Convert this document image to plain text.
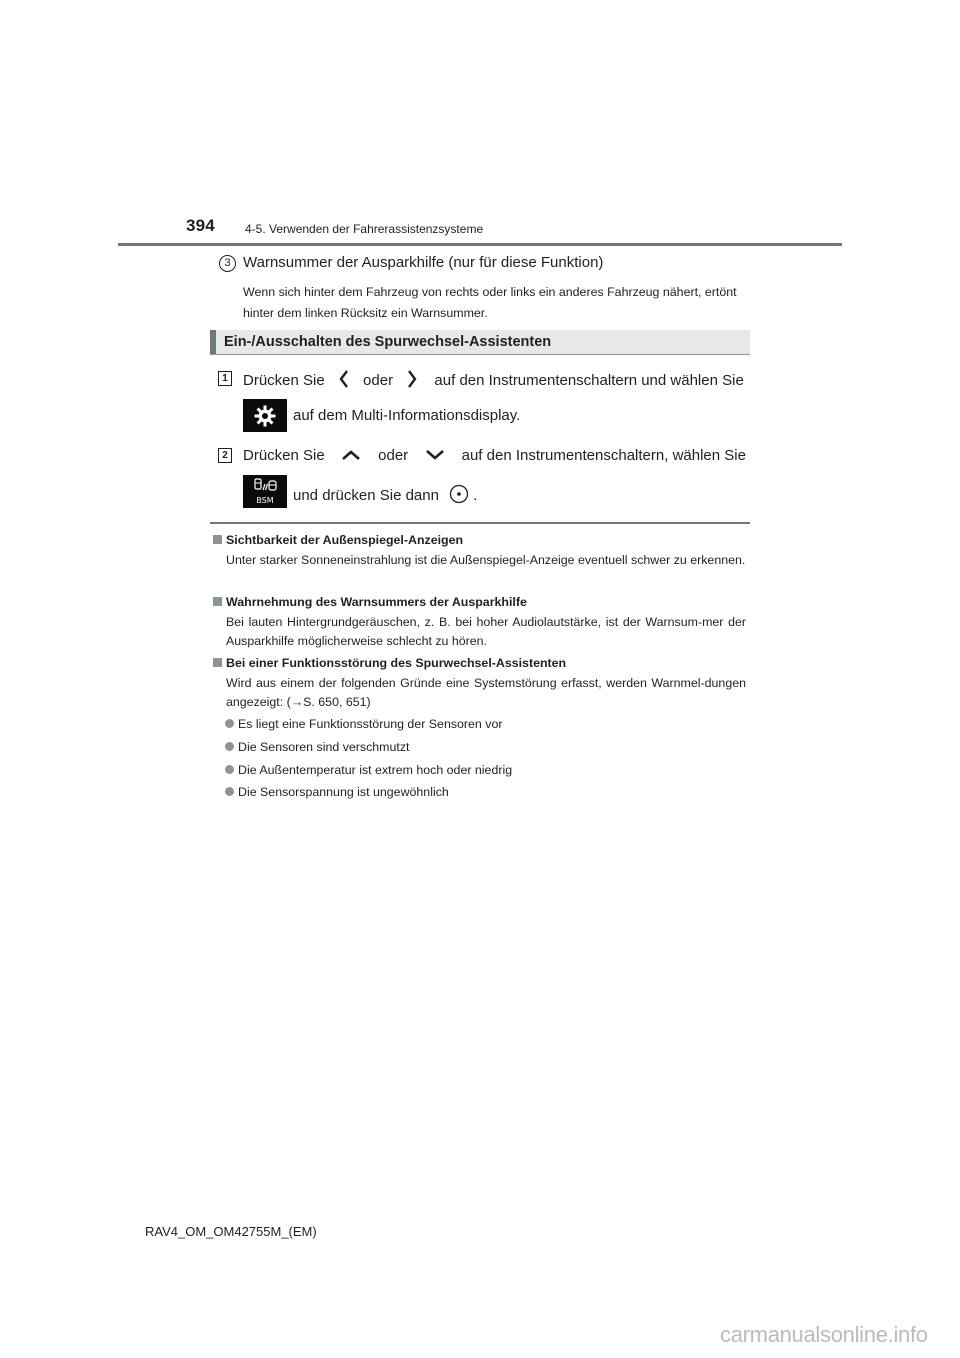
394	4-5. Verwenden der Fahrerassistenzsysteme
3 Warnsummer der Ausparkhilfe (nur für diese Funktion)
Wenn sich hinter dem Fahrzeug von rechts oder links ein anderes Fahrzeug nähert, ertönt hinter dem linken Rücksitz ein Warnsummer.
Ein-/Ausschalten des Spurwechsel-Assistenten
1 Drücken Sie	oder	auf den Instrumentenschaltern und wählen Sie
auf dem Multi-Informationsdisplay.
2 Drücken Sie	oder	auf den Instrumentenschaltern, wählen Sie
BSM und drücken Sie dann .
Sichtbarkeit der Außenspiegel-Anzeigen
Unter starker Sonneneinstrahlung ist die Außenspiegel-Anzeige eventuell schwer zu erkennen.
Wahrnehmung des Warnsummers der Ausparkhilfe
Bei lauten Hintergrundgeräuschen, z. B. bei hoher Audiolautstärke, ist der Warnsum-mer der Ausparkhilfe möglicherweise schlecht zu hören.
Bei einer Funktionsstörung des Spurwechsel-Assistenten
Wird aus einem der folgenden Gründe eine Systemstörung erfasst, werden Warnmel-dungen angezeigt: (→S. 650, 651)
Es liegt eine Funktionsstörung der Sensoren vor
Die Sensoren sind verschmutzt
Die Außentemperatur ist extrem hoch oder niedrig
Die Sensorspannung ist ungewöhnlich
RAV4_OM_OM42755M_(EM)
carmanualsonline.info
